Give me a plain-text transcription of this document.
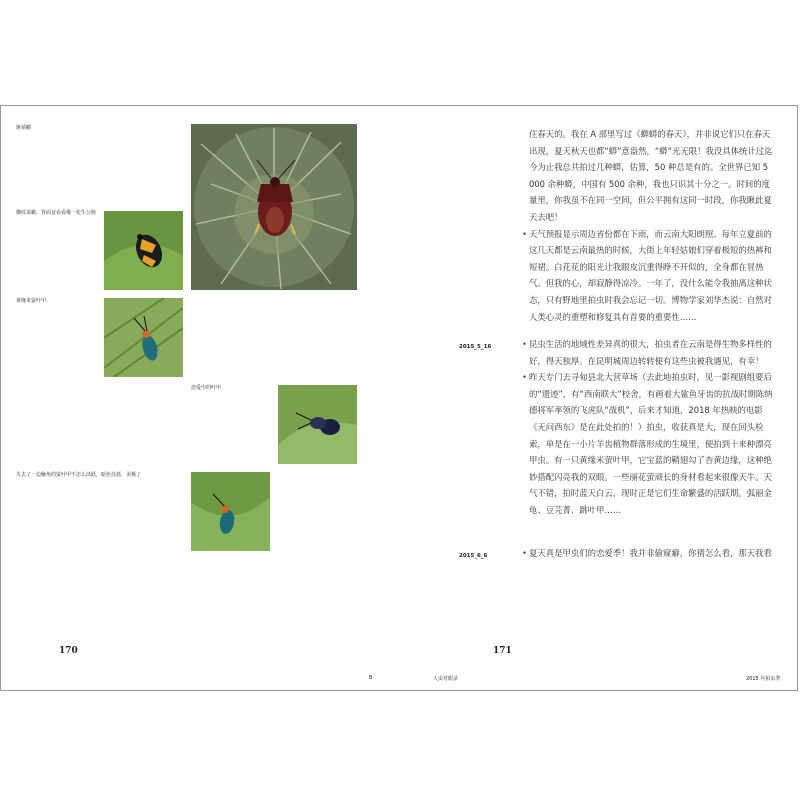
斑须蝽
横纹菜蝽，背面竟看看像一张牛公脸
黄缘米萤叶甲
恋爱中的叶甲
失去了一边触角的萤叶甲不怎么活跃，暗色亮蓝，美极了
170
B	人虫对眼录

住春天的。我在 A 部里写过《蟒蟒的春天》，并非说它们只在春天出现，夏天秋天也都“蟒”意盎然，“蟒”光无限！我没具体统计过迄今为止我总共拍过几种蟒，估算，50 种总是有的。全世界已知 5 000 余种蟒，中国有 500 余种，我也只识其十分之一。时间的度量里，你我虽不在同一空间，但公平拥有这同一时段，你我瞅此夏天去吧！

• 天气预报显示周边省份都在下雨，而云南大阳朗照。每年立夏前的这几天都是云南最热的时候，大街上年轻姑娘们穿着极短的热裤和短裙。白花花的阳光让我眼皮沉重得睁不开似的，全身都在冒热气。但我的心，却寂静得凉冷。一年了，没什么能令我抽离这种状态，只有野地里拍虫时我会忘记一切。博物学家刘华杰说：自然对人类心灵的重塑和修复具有首要的重要性……

2015_5_16	• 昆虫生活的地域性差异真的很大，拍虫者在云南是得生物多样性的好，得天独厚。在昆明城周边转转便有这些虫被我遇见，有幸！

• 昨天专门去寻甸县北大营草场（去此地拍虫时，见一影视剧组要后的“遗迹”，有“西南联大”校舍，有画着大鲨鱼牙齿的抗战时期陈纳德将军率领的飞虎队“战机”，后来才知道，2018 年热映的电影《无问西东》是在此处拍的！）拍虫，收获真是大，现在回头检索，单是在一小片羊齿植物群落形成的生境里，便拍到十来种漂亮甲虫。有一只黄缘米萤叶甲，它宝蓝的鞘翅勾了杏黄边缘，这种绝妙搭配闪亮我的双眼。一些丽花萤顽长的身材看起来很像天牛。天气不错，拍时蓝天白云，现时正是它们生命繁盛的活跃期。弧丽金龟、豆芫菁、跳叶甲……

2015_6_6	• 夏天真是甲虫们的恋爱季！我并非偷窥癖，你猜怎么看，那天我看

171
2015 年拍虫季
